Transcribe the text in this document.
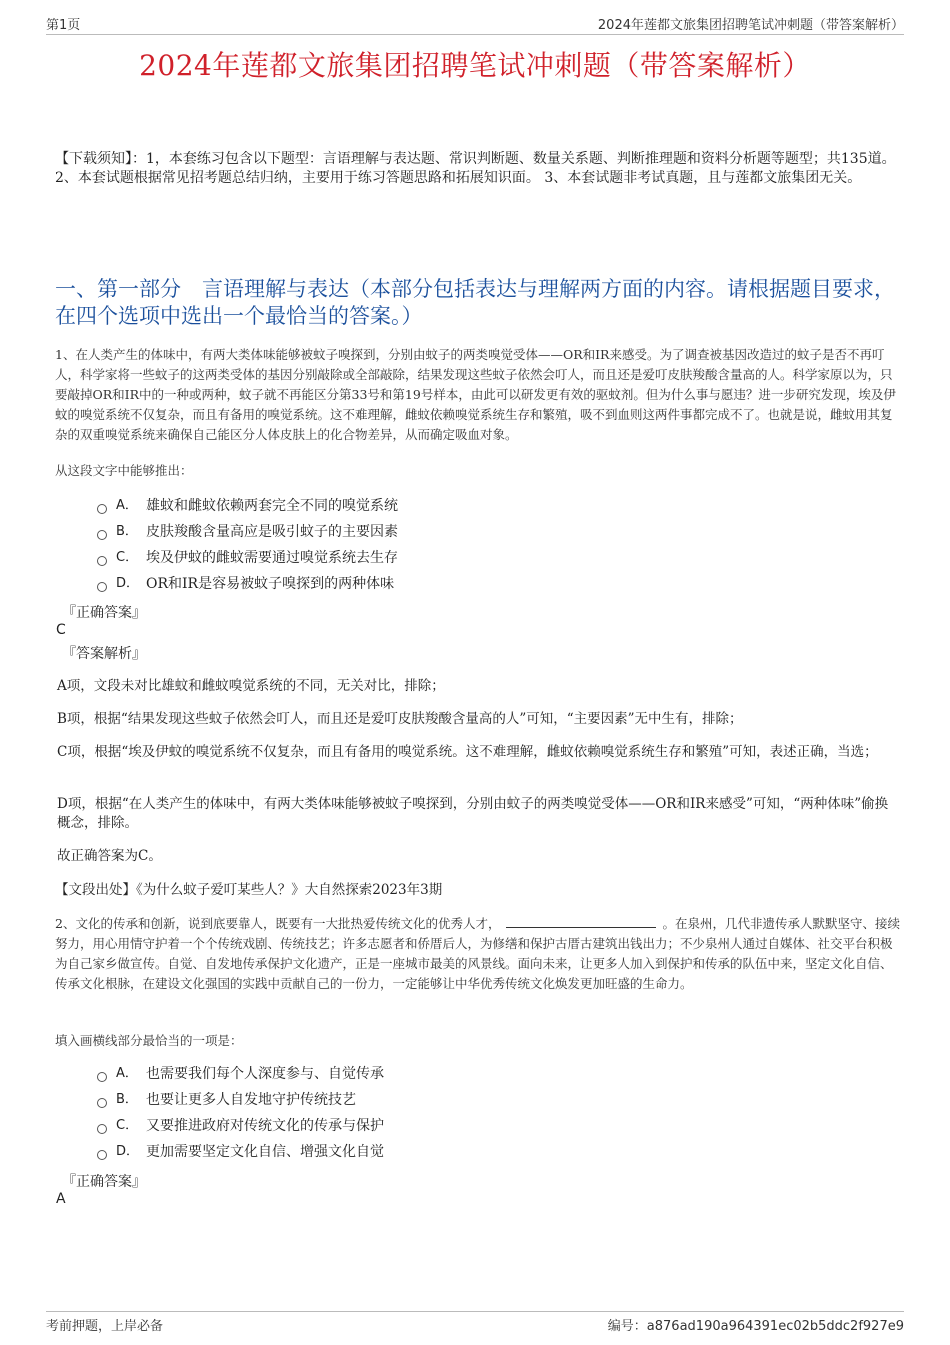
第1页	2024年莲都文旅集团招聘笔试冲刺题（带答案解析）
2024年莲都文旅集团招聘笔试冲刺题（带答案解析）
【下载须知】：1，本套练习包含以下题型：言语理解与表达题、常识判断题、数量关系题、判断推理题和资料分析题等题型；共135道。 2、本套试题根据常见招考题总结归纳，主要用于练习答题思路和拓展知识面。 3、本套试题非考试真题，且与莲都文旅集团无关。
一、第一部分　言语理解与表达（本部分包括表达与理解两方面的内容。请根据题目要求，在四个选项中选出一个最恰当的答案。）
1、在人类产生的体味中，有两大类体味能够被蚊子嗅探到，分别由蚊子的两类嗅觉受体——OR和IR来感受。为了调查被基因改造过的蚊子是否不再叮人，科学家将一些蚊子的这两类受体的基因分别敲除或全部敲除，结果发现这些蚊子依然会叮人，而且还是爱叮皮肤羧酸含量高的人。科学家原以为，只要敲掉OR和IR中的一种或两种，蚊子就不再能区分第33号和第19号样本，由此可以研发更有效的驱蚊剂。但为什么事与愿违？进一步研究发现，埃及伊蚊的嗅觉系统不仅复杂，而且有备用的嗅觉系统。这不难理解，雌蚊依赖嗅觉系统生存和繁殖，吸不到血则这两件事都完成不了。也就是说，雌蚊用其复杂的双重嗅觉系统来确保自己能区分人体皮肤上的化合物差异，从而确定吸血对象。
从这段文字中能够推出：
A． 雄蚊和雌蚊依赖两套完全不同的嗅觉系统
B． 皮肤羧酸含量高应是吸引蚊子的主要因素
C． 埃及伊蚊的雌蚊需要通过嗅觉系统去生存
D． OR和IR是容易被蚊子嗅探到的两种体味
『正确答案』
C
『答案解析』
A项，文段未对比雄蚊和雌蚊嗅觉系统的不同，无关对比，排除；
B项，根据“结果发现这些蚊子依然会叮人，而且还是爱叮皮肤羧酸含量高的人”可知，“主要因素”无中生有，排除；
C项，根据“埃及伊蚊的嗅觉系统不仅复杂，而且有备用的嗅觉系统。这不难理解，雌蚊依赖嗅觉系统生存和繁殖”可知，表述正确，当选；
D项，根据“在人类产生的体味中，有两大类体味能够被蚊子嗅探到，分别由蚊子的两类嗅觉受体——OR和IR来感受”可知，“两种体味”偷换概念，排除。
故正确答案为C。
【文段出处】《为什么蚊子爱叮某些人？》大自然探索2023年3期
2、文化的传承和创新，说到底要靠人，既要有一大批热爱传统文化的优秀人才，	。在泉州，几代非遗传承人默默坚守、接续努力，用心用情守护着一个个传统戏剧、传统技艺；许多志愿者和侨厝后人，为修缮和保护古厝古建筑出钱出力；不少泉州人通过自媒体、社交平台积极为自己家乡做宣传。自觉、自发地传承保护文化遗产，正是一座城市最美的风景线。面向未来，让更多人加入到保护和传承的队伍中来，坚定文化自信、传承文化根脉，在建设文化强国的实践中贡献自己的一份力，一定能够让中华优秀传统文化焕发更加旺盛的生命力。
填入画横线部分最恰当的一项是：
A． 也需要我们每个人深度参与、自觉传承
B． 也要让更多人自发地守护传统技艺
C． 又要推进政府对传统文化的传承与保护
D． 更加需要坚定文化自信、增强文化自觉
『正确答案』
A
考前押题，上岸必备	编号：a876ad190a964391ec02b5ddc2f927e9
